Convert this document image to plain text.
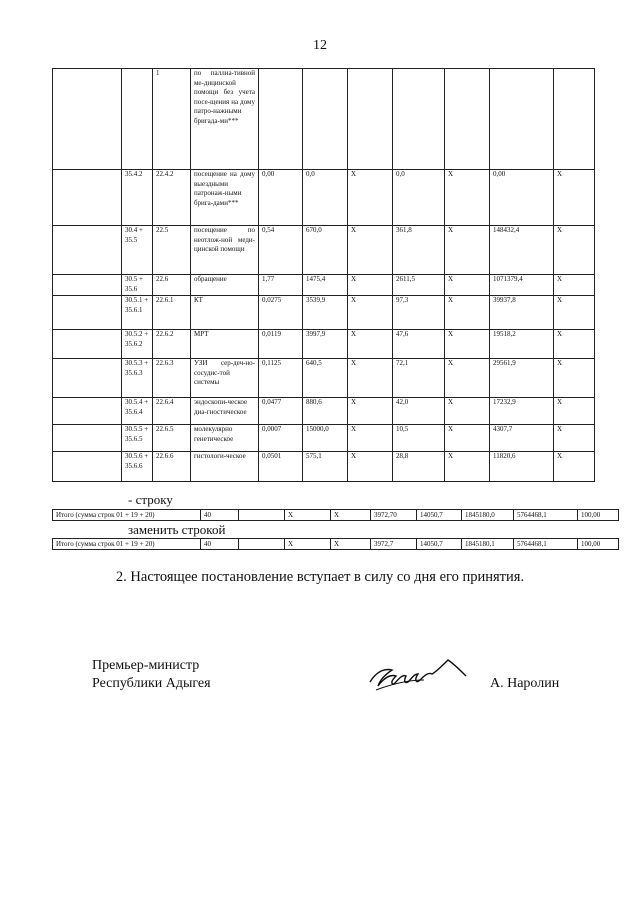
12
		1	по паллиа-тивной ме-дицинской помощи без учета посе-щения на дому патро-нажными бригада-ми***							
	35.4.2	22.4.2	посещение на дому выездными патронаж-ными брига-дами***	0,00	0,0	X	0,0	X	0,00	X
	30.4 + 35.5	22.5	посещение по неотлож-ной меди-цинской помощи	0,54	670,0	X	361,8	X	148432,4	X
	30.5 + 35.6	22.6	обращение	1,77	1475,4	X	2611,5	X	1071379,4	X
	30.5.1 + 35.6.1	22.6.1	КТ	0,0275	3539,9	X	97,3	X	39937,8	X
	30.5.2 + 35.6.2	22.6.2	МРТ	0,0119	3997,9	X	47,6	X	19518,2	X
	30.5.3 + 35.6.3	22.6.3	УЗИ сер-деч-но-сосудис-той системы	0,1125	640,5	X	72,1	X	29561,9	X
	30.5.4 + 35.6.4	22.6.4	эндоскопи-ческое диа-гностическое	0,0477	880,6	X	42,0	X	17232,9	X
	30.5.5 + 35.6.5	22.6.5	молекулярно генетическое	0,0007	15000,0	X	10,5	X	4307,7	X
	30.5.6 + 35.6.6	22.6.6	гистологи-ческое	0,0501	575,1	X	28,8	X	11820,6	X
- строку
Итого (сумма строк 01 + 19 + 20)	40		X	X	3972,70	14050,7	1845180,0	5764468,1	100,00
заменить строкой
Итого (сумма строк 01 + 19 + 20)	40		X	X	3972,7	14050,7	1845180,1	5764468,1	100,00
2. Настоящее постановление вступает в силу со дня его принятия.
Премьер-министр
Республики Адыгея	А. Наролин
